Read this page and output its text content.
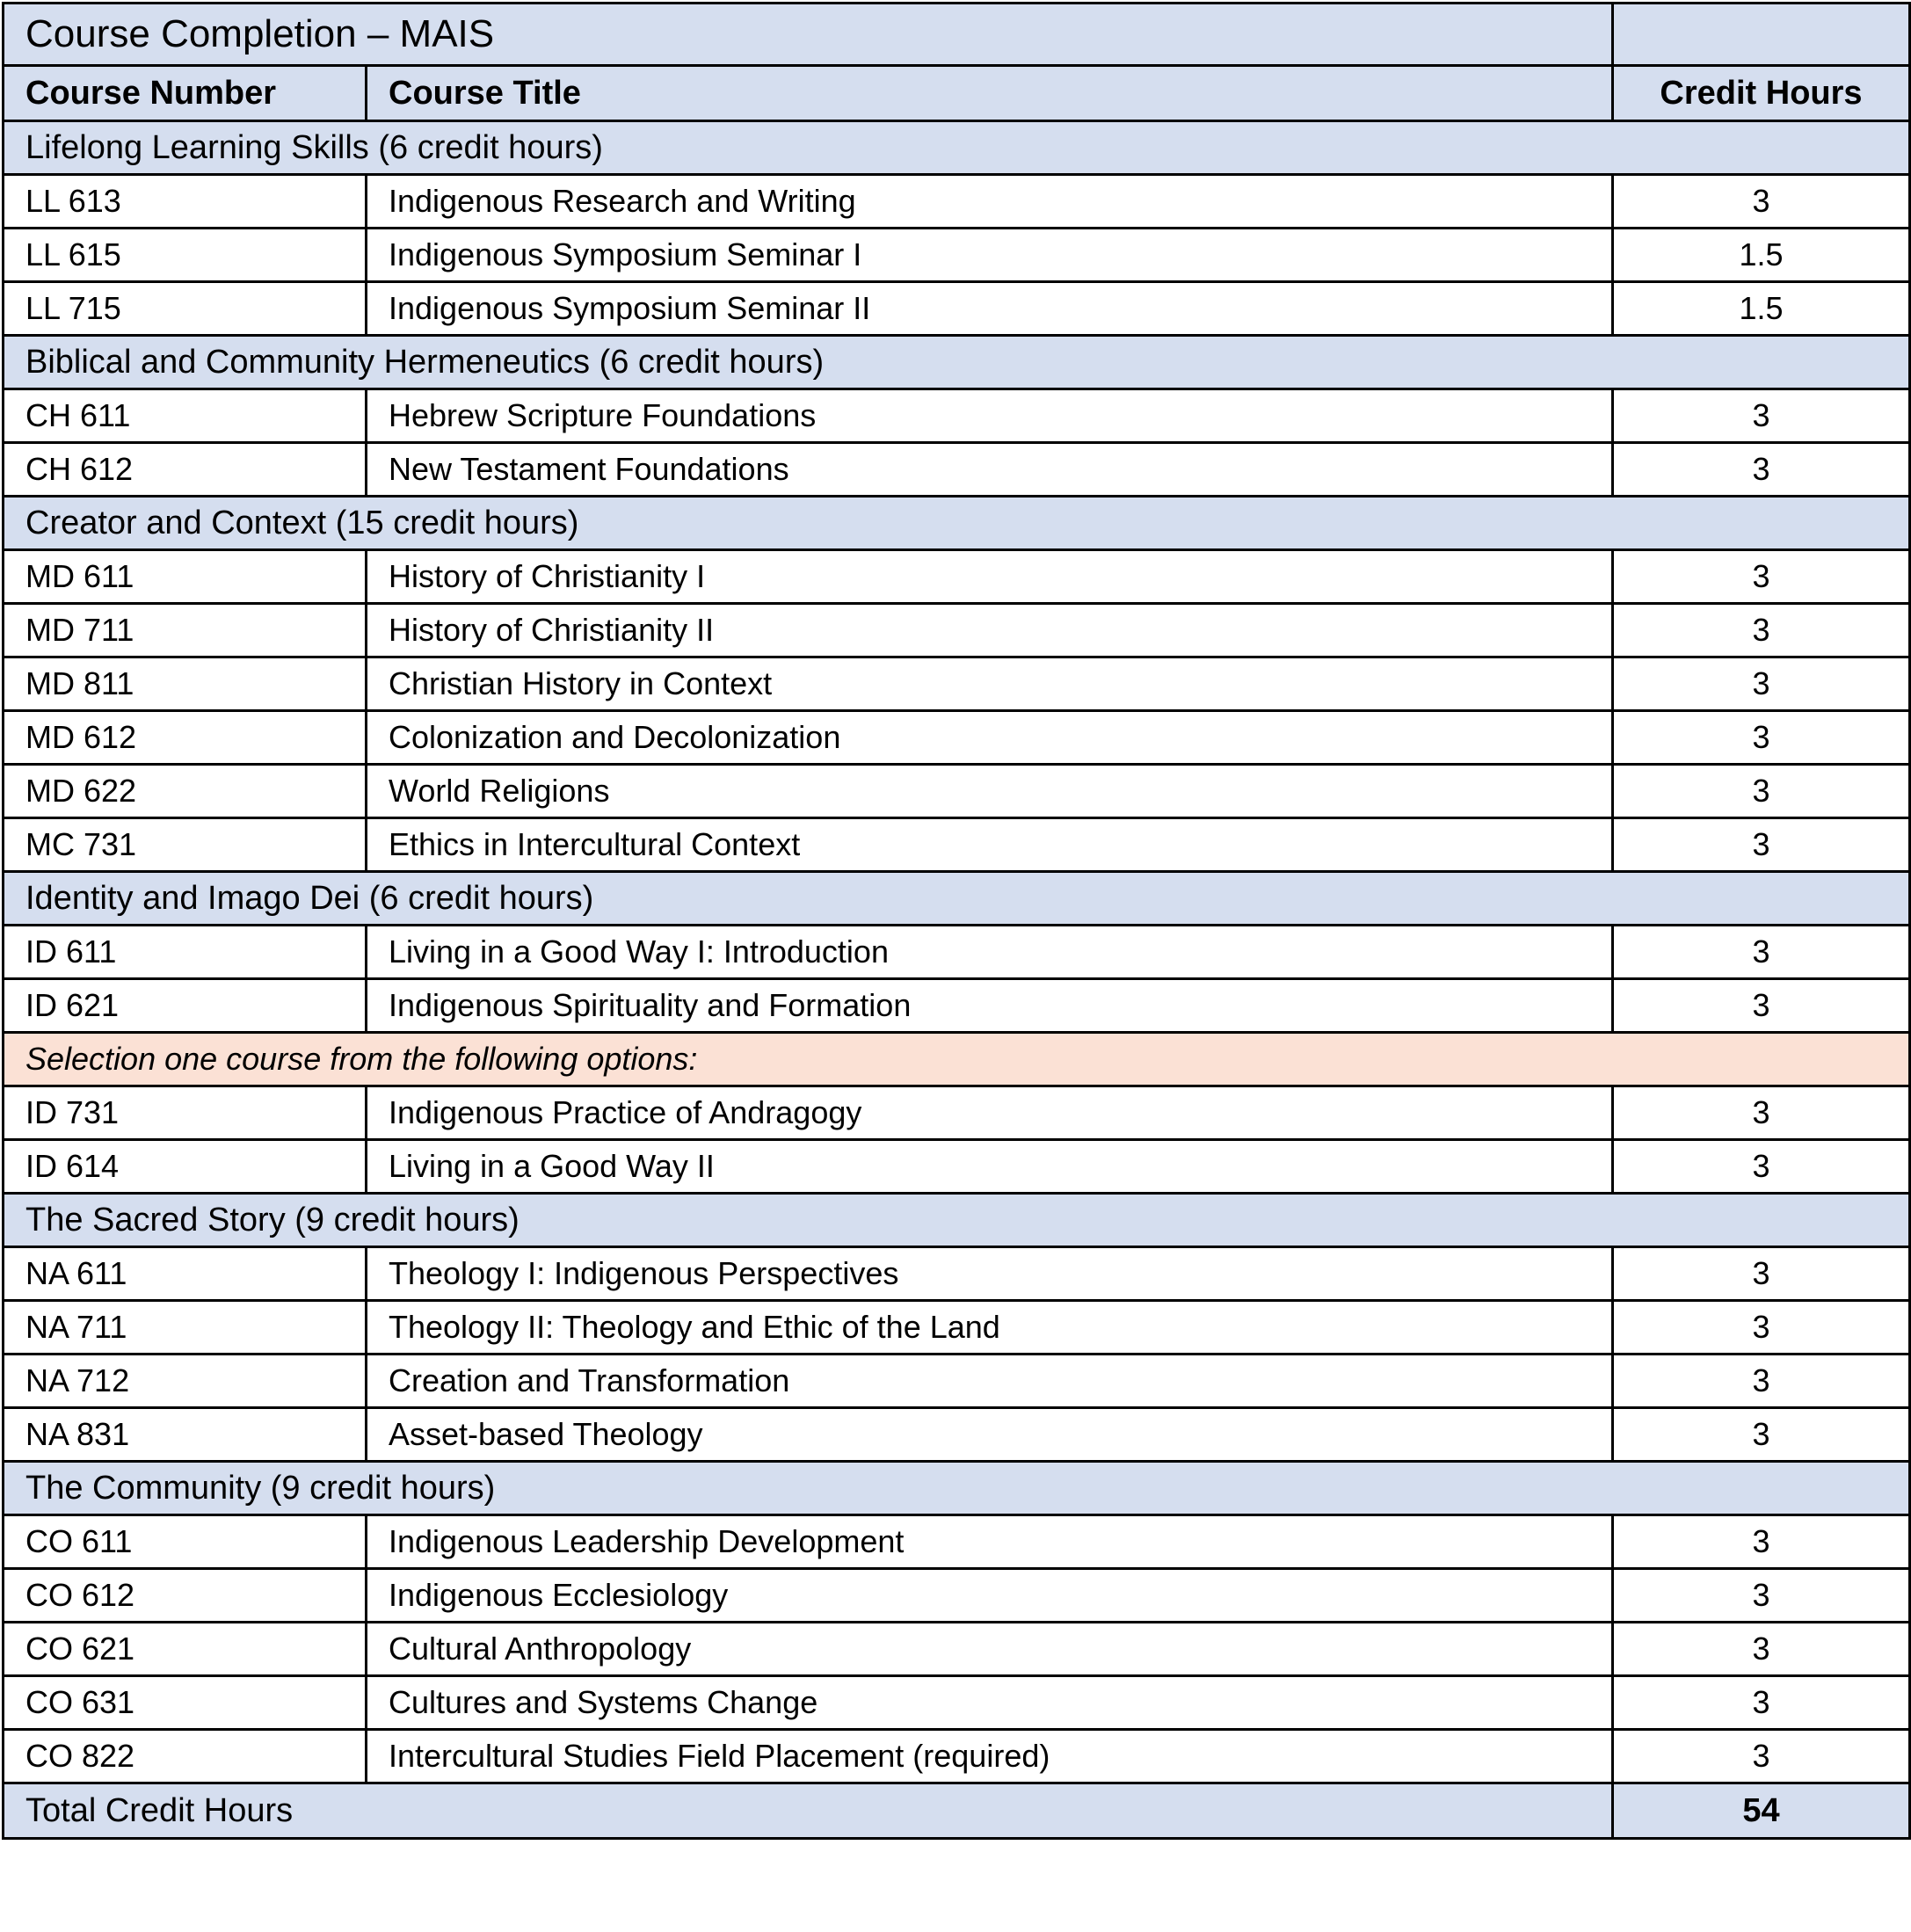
Course Completion – MAIS		
Course Number	Course Title	Credit Hours
Lifelong Learning Skills (6 credit hours)		
LL 613	Indigenous Research and Writing	3
LL 615	Indigenous Symposium Seminar I	1.5
LL 715	Indigenous Symposium Seminar II	1.5
Biblical and Community Hermeneutics (6 credit hours)		
CH 611	Hebrew Scripture Foundations	3
CH 612	New Testament Foundations	3
Creator and Context (15 credit hours)		
MD 611	History of Christianity I	3
MD 711	History of Christianity II	3
MD 811	Christian History in Context	3
MD 612	Colonization and Decolonization	3
MD 622	World Religions	3
MC 731	Ethics in Intercultural Context	3
Identity and Imago Dei (6 credit hours)		
ID 611	Living in a Good Way I: Introduction	3
ID 621	Indigenous Spirituality and Formation	3
Selection one course from the following options:		
ID 731	Indigenous Practice of Andragogy	3
ID 614	Living in a Good Way II	3
The Sacred Story (9 credit hours)		
NA 611	Theology I: Indigenous Perspectives	3
NA 711	Theology II: Theology and Ethic of the Land	3
NA 712	Creation and Transformation	3
NA 831	Asset-based Theology	3
The Community (9 credit hours)		
CO 611	Indigenous Leadership Development	3
CO 612	Indigenous Ecclesiology	3
CO 621	Cultural Anthropology	3
CO 631	Cultures and Systems Change	3
CO 822	Intercultural Studies Field Placement (required)	3
Total Credit Hours		54
